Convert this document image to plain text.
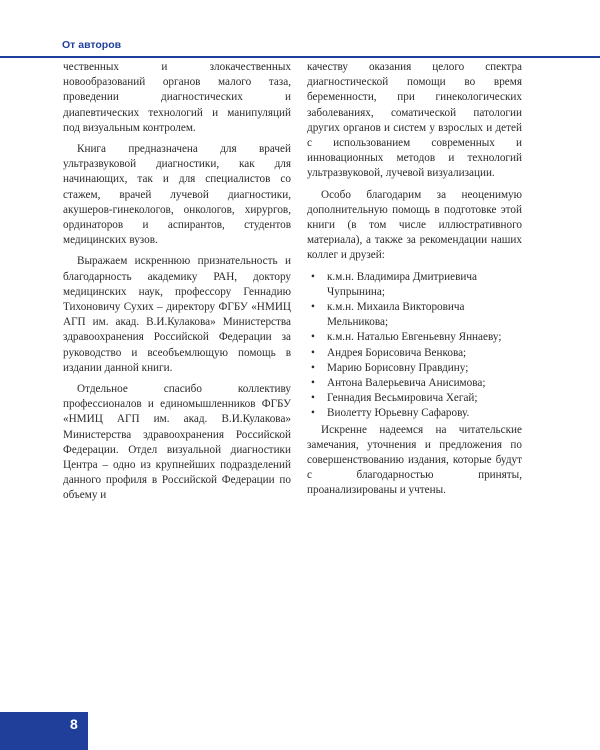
От авторов

чественных и злокачественных новообразований органов малого таза, проведении диагностических и диапевтических технологий и манипуляций под визуальным контролем.

Книга предназначена для врачей ультразвуковой диагностики, как для начинающих, так и для специалистов со стажем, врачей лучевой диагностики, акушеров-гинекологов, онкологов, хирургов, ординаторов и аспирантов, студентов медицинских вузов.

Выражаем искреннюю признательность и благодарность академику РАН, доктору медицинских наук, профессору Геннадию Тихоновичу Сухих – директору ФГБУ «НМИЦ АГП им. акад. В.И.Кулакова» Министерства здравоохранения Российской Федерации за руководство и всеобъемлющую помощь в издании данной книги.

Отдельное спасибо коллективу профессионалов и единомышленников ФГБУ «НМИЦ АГП им. акад. В.И.Кулакова» Министерства здравоохранения Российской Федерации. Отдел визуальной диагностики Центра – одно из крупнейших подразделений данного профиля в Российской Федерации по объему и

качеству оказания целого спектра диагностической помощи во время беременности, при гинекологических заболеваниях, соматической патологии других органов и систем у взрослых и детей с использованием современных и инновационных методов и технологий ультразвуковой, лучевой визуализации.

Особо благодарим за неоценимую дополнительную помощь в подготовке этой книги (в том числе иллюстративного материала), а также за рекомендации наших коллег и друзей:

• к.м.н. Владимира Дмитриевича Чупрынина;
• к.м.н. Михаила Викторовича Мельникова;
• к.м.н. Наталью Евгеньевну Яннаеву;
• Андрея Борисовича Венкова;
• Марию Борисовну Правдину;
• Антона Валерьевича Анисимова;
• Геннадия Весьмировича Хегай;
• Виолетту Юрьевну Сафарову.

Искренне надеемся на читательские замечания, уточнения и предложения по совершенствованию издания, которые будут с благодарностью приняты, проанализированы и учтены.

8
